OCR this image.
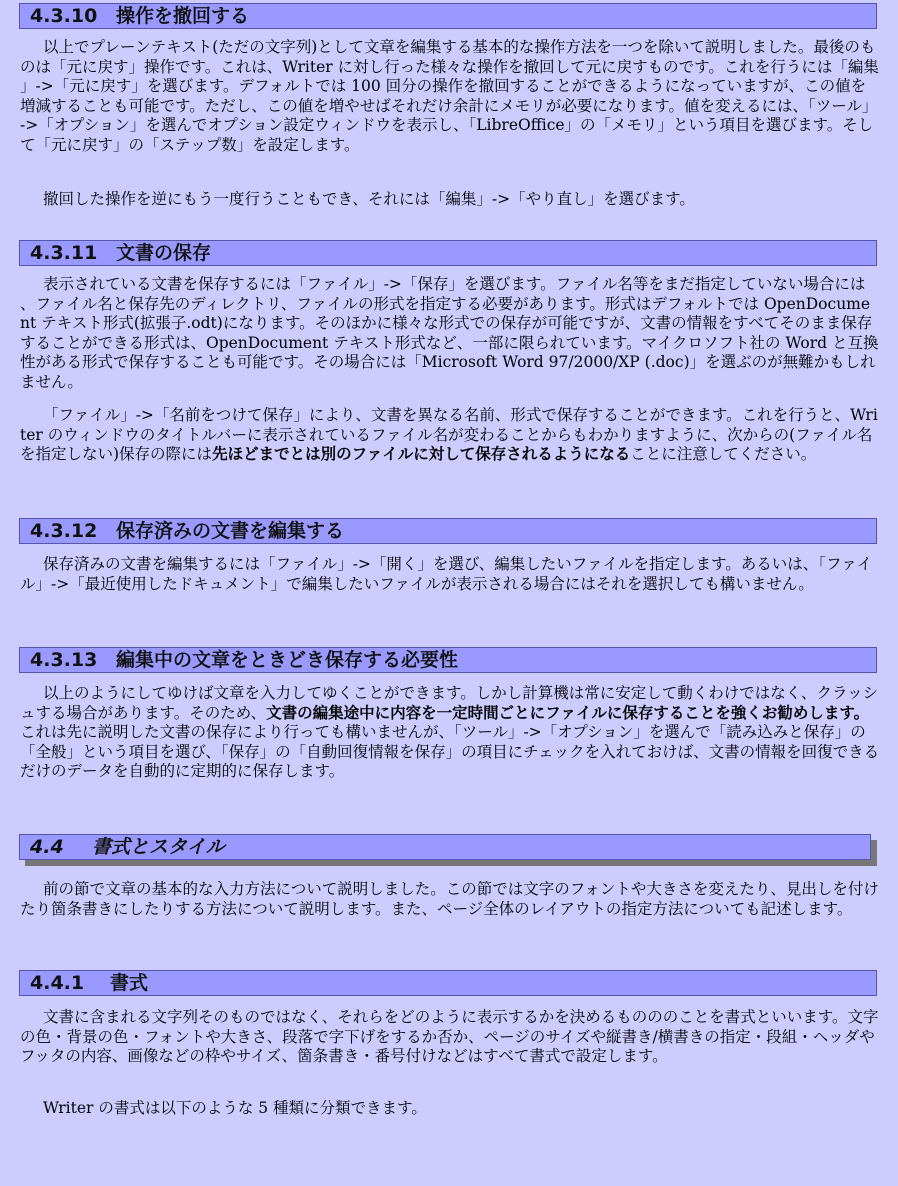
4.3.10 操作を撤回する

以上でプレーンテキスト(ただの文字列)として文章を編集する基本的な操作方法を一つを除いて説明しました。最後のものは「元に戻す」操作です。これは、Writer に対し行った様々な操作を撤回して元に戻すものです。これを行うには「編集」->「元に戻す」を選びます。デフォルトでは 100 回分の操作を撤回することができるようになっていますが、この値を増減することも可能です。ただし、この値を増やせばそれだけ余計にメモリが必要になります。値を変えるには、「ツール」->「オプション」を選んでオプション設定ウィンドウを表示し、「LibreOffice」の「メモリ」という項目を選びます。そして「元に戻す」の「ステップ数」を設定します。

撤回した操作を逆にもう一度行うこともでき、それには「編集」->「やり直し」を選びます。

4.3.11 文書の保存

表示されている文書を保存するには「ファイル」->「保存」を選びます。ファイル名等をまだ指定していない場合には、ファイル名と保存先のディレクトリ、ファイルの形式を指定する必要があります。形式はデフォルトでは OpenDocument テキスト形式(拡張子.odt)になります。そのほかに様々な形式での保存が可能ですが、文書の情報をすべてそのまま保存することができる形式は、OpenDocument テキスト形式など、一部に限られています。マイクロソフト社の Word と互換性がある形式で保存することも可能です。その場合には「Microsoft Word 97/2000/XP (.doc)」を選ぶのが無難かもしれません。

「ファイル」->「名前をつけて保存」により、文書を異なる名前、形式で保存することができます。これを行うと、Writer のウィンドウのタイトルバーに表示されているファイル名が変わることからもわかりますように、次からの(ファイル名を指定しない)保存の際には先ほどまでとは別のファイルに対して保存されるようになることに注意してください。

4.3.12 保存済みの文書を編集する

保存済みの文書を編集するには「ファイル」->「開く」を選び、編集したいファイルを指定します。あるいは、「ファイル」->「最近使用したドキュメント」で編集したいファイルが表示される場合にはそれを選択しても構いません。

4.3.13 編集中の文章をときどき保存する必要性

以上のようにしてゆけば文章を入力してゆくことができます。しかし計算機は常に安定して動くわけではなく、クラッシュする場合があります。そのため、文書の編集途中に内容を一定時間ごとにファイルに保存することを強くお勧めします。これは先に説明した文書の保存により行っても構いませんが、「ツール」->「オプション」を選んで「読み込みと保存」の「全般」という項目を選び、「保存」の「自動回復情報を保存」の項目にチェックを入れておけば、文書の情報を回復できるだけのデータを自動的に定期的に保存します。

4.4 書式とスタイル

前の節で文章の基本的な入力方法について説明しました。この節では文字のフォントや大きさを変えたり、見出しを付けたり箇条書きにしたりする方法について説明します。また、ページ全体のレイアウトの指定方法についても記述します。

4.4.1 書式

文書に含まれる文字列そのものではなく、それらをどのように表示するかを決めるものののことを書式といいます。文字の色・背景の色・フォントや大きさ、段落で字下げをするか否か、ページのサイズや縦書き/横書きの指定・段組・ヘッダやフッタの内容、画像などの枠やサイズ、箇条書き・番号付けなどはすべて書式で設定します。

Writer の書式は以下のような 5 種類に分類できます。
